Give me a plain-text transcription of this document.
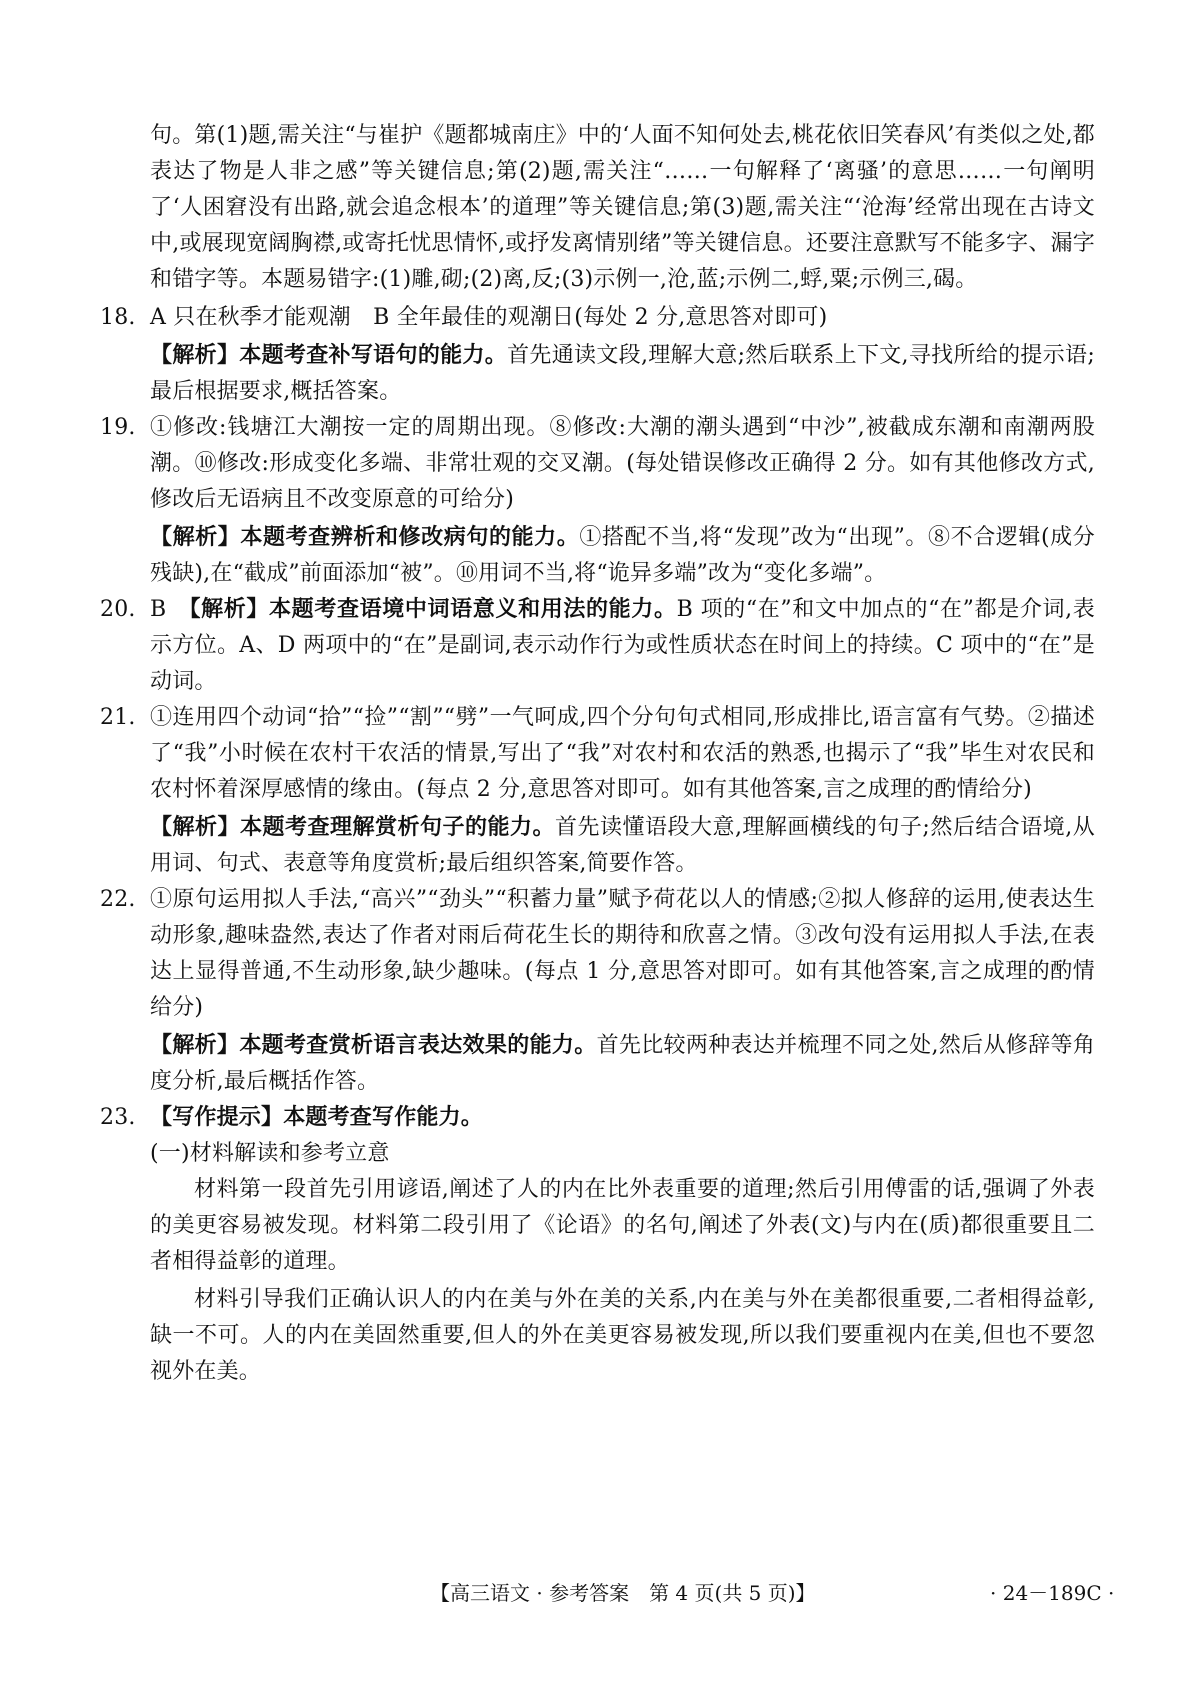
句。第(1)题,需关注“与崔护《题都城南庄》中的‘人面不知何处去,桃花依旧笑春风’有类似之处,都表达了物是人非之感”等关键信息;第(2)题,需关注“……一句解释了‘离骚’的意思……一句阐明了‘人困窘没有出路,就会追念根本’的道理”等关键信息;第(3)题,需关注“‘沧海’经常出现在古诗文中,或展现宽阔胸襟,或寄托忧思情怀,或抒发离情别绪”等关键信息。还要注意默写不能多字、漏字和错字等。本题易错字:(1)雕,砌;(2)离,反;(3)示例一,沧,蓝;示例二,蜉,粟;示例三,碣。

18. A 只在秋季才能观潮　B 全年最佳的观潮日(每处 2 分,意思答对即可)

【解析】本题考查补写语句的能力。首先通读文段,理解大意;然后联系上下文,寻找所给的提示语;最后根据要求,概括答案。

19. ①修改:钱塘江大潮按一定的周期出现。⑧修改:大潮的潮头遇到“中沙”,被截成东潮和南潮两股潮。⑩修改:形成变化多端、非常壮观的交叉潮。(每处错误修改正确得 2 分。如有其他修改方式,修改后无语病且不改变原意的可给分)

【解析】本题考查辨析和修改病句的能力。①搭配不当,将“发现”改为“出现”。⑧不合逻辑(成分残缺),在“截成”前面添加“被”。⑩用词不当,将“诡异多端”改为“变化多端”。

20. B　【解析】本题考查语境中词语意义和用法的能力。B 项的“在”和文中加点的“在”都是介词,表示方位。A、D 两项中的“在”是副词,表示动作行为或性质状态在时间上的持续。C 项中的“在”是动词。

21. ①连用四个动词“拾”“捡”“割”“劈”一气呵成,四个分句句式相同,形成排比,语言富有气势。②描述了“我”小时候在农村干农活的情景,写出了“我”对农村和农活的熟悉,也揭示了“我”毕生对农民和农村怀着深厚感情的缘由。(每点 2 分,意思答对即可。如有其他答案,言之成理的酌情给分)

【解析】本题考查理解赏析句子的能力。首先读懂语段大意,理解画横线的句子;然后结合语境,从用词、句式、表意等角度赏析;最后组织答案,简要作答。

22. ①原句运用拟人手法,“高兴”“劲头”“积蓄力量”赋予荷花以人的情感;②拟人修辞的运用,使表达生动形象,趣味盎然,表达了作者对雨后荷花生长的期待和欣喜之情。③改句没有运用拟人手法,在表达上显得普通,不生动形象,缺少趣味。(每点 1 分,意思答对即可。如有其他答案,言之成理的酌情给分)

【解析】本题考查赏析语言表达效果的能力。首先比较两种表达并梳理不同之处,然后从修辞等角度分析,最后概括作答。

23. 【写作提示】本题考查写作能力。

(一)材料解读和参考立意

材料第一段首先引用谚语,阐述了人的内在比外表重要的道理;然后引用傅雷的话,强调了外表的美更容易被发现。材料第二段引用了《论语》的名句,阐述了外表(文)与内在(质)都很重要且二者相得益彰的道理。

材料引导我们正确认识人的内在美与外在美的关系,内在美与外在美都很重要,二者相得益彰,缺一不可。人的内在美固然重要,但人的外在美更容易被发现,所以我们要重视内在美,但也不要忽视外在美。

【高三语文 · 参考答案　第 4 页(共 5 页)】	· 24－189C ·
